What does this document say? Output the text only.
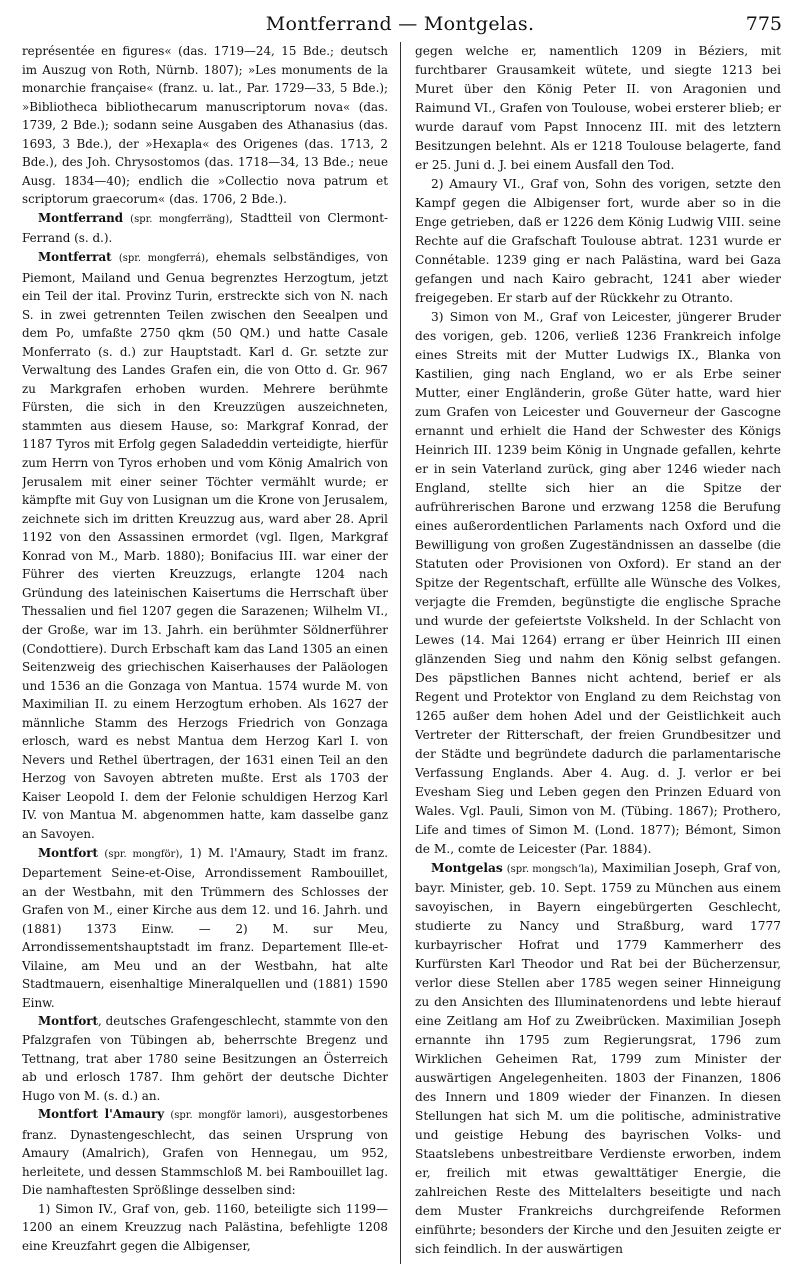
Montferrand — Montgelas.	775

représentée en figures« (das. 1719—24, 15 Bde.; deutsch im Auszug von Roth, Nürnb. 1807); »Les monuments de la monarchie française« (franz. u. lat., Par. 1729—33, 5 Bde.); »Bibliotheca bibliothecarum manuscriptorum nova« (das. 1739, 2 Bde.); sodann seine Ausgaben des Athanasius (das. 1693, 3 Bde.), der »Hexapla« des Origenes (das. 1713, 2 Bde.), des Joh. Chrysostomos (das. 1718—34, 13 Bde.; neue Ausg. 1834—40); endlich die »Collectio nova patrum et scriptorum graecorum« (das. 1706, 2 Bde.).

Montferrand (spr. mongferräng), Stadtteil von Clermont-Ferrand (s. d.).

Montferrat (spr. mongferrá), ehemals selbständiges, von Piemont, Mailand und Genua begrenztes Herzogtum, jetzt ein Teil der ital. Provinz Turin, erstreckte sich von N. nach S. in zwei getrennten Teilen zwischen den Seealpen und dem Po, umfaßte 2750 qkm (50 QM.) und hatte Casale Monferrato (s. d.) zur Hauptstadt. Karl d. Gr. setzte zur Verwaltung des Landes Grafen ein, die von Otto d. Gr. 967 zu Markgrafen erhoben wurden. Mehrere berühmte Fürsten, die sich in den Kreuzzügen auszeichneten, stammten aus diesem Hause, so: Markgraf Konrad, der 1187 Tyros mit Erfolg gegen Saladeddin verteidigte, hierfür zum Herrn von Tyros erhoben und vom König Amalrich von Jerusalem mit einer seiner Töchter vermählt wurde; er kämpfte mit Guy von Lusignan um die Krone von Jerusalem, zeichnete sich im dritten Kreuzzug aus, ward aber 28. April 1192 von den Assassinen ermordet (vgl. Ilgen, Markgraf Konrad von M., Marb. 1880); Bonifacius III. war einer der Führer des vierten Kreuzzugs, erlangte 1204 nach Gründung des lateinischen Kaisertums die Herrschaft über Thessalien und fiel 1207 gegen die Sarazenen; Wilhelm VI., der Große, war im 13. Jahrh. ein berühmter Söldnerführer (Condottiere). Durch Erbschaft kam das Land 1305 an einen Seitenzweig des griechischen Kaiserhauses der Paläologen und 1536 an die Gonzaga von Mantua. 1574 wurde M. von Maximilian II. zu einem Herzogtum erhoben. Als 1627 der männliche Stamm des Herzogs Friedrich von Gonzaga erlosch, ward es nebst Mantua dem Herzog Karl I. von Nevers und Rethel übertragen, der 1631 einen Teil an den Herzog von Savoyen abtreten mußte. Erst als 1703 der Kaiser Leopold I. dem der Felonie schuldigen Herzog Karl IV. von Mantua M. abgenommen hatte, kam dasselbe ganz an Savoyen.

Montfort (spr. mongför), 1) M. l'Amaury, Stadt im franz. Departement Seine-et-Oise, Arrondissement Rambouillet, an der Westbahn, mit den Trümmern des Schlosses der Grafen von M., einer Kirche aus dem 12. und 16. Jahrh. und (1881) 1373 Einw. — 2) M. sur Meu, Arrondissementshauptstadt im franz. Departement Ille-et-Vilaine, am Meu und an der Westbahn, hat alte Stadtmauern, eisenhaltige Mineralquellen und (1881) 1590 Einw.

Montfort, deutsches Grafengeschlecht, stammte von den Pfalzgrafen von Tübingen ab, beherrschte Bregenz und Tettnang, trat aber 1780 seine Besitzungen an Österreich ab und erlosch 1787. Ihm gehört der deutsche Dichter Hugo von M. (s. d.) an.

Montfort l'Amaury (spr. mongför lamori), ausgestorbenes franz. Dynastengeschlecht, das seinen Ursprung von Amaury (Amalrich), Grafen von Hennegau, um 952, herleitete, und dessen Stammschloß M. bei Rambouillet lag. Die namhaftesten Sprößlinge desselben sind:

1) Simon IV., Graf von, geb. 1160, beteiligte sich 1199—1200 an einem Kreuzzug nach Palästina, befehligte 1208 eine Kreuzfahrt gegen die Albigenser,

gegen welche er, namentlich 1209 in Béziers, mit furchtbarer Grausamkeit wütete, und siegte 1213 bei Muret über den König Peter II. von Aragonien und Raimund VI., Grafen von Toulouse, wobei ersterer blieb; er wurde darauf vom Papst Innocenz III. mit des letztern Besitzungen belehnt. Als er 1218 Toulouse belagerte, fand er 25. Juni d. J. bei einem Ausfall den Tod.

2) Amaury VI., Graf von, Sohn des vorigen, setzte den Kampf gegen die Albigenser fort, wurde aber so in die Enge getrieben, daß er 1226 dem König Ludwig VIII. seine Rechte auf die Grafschaft Toulouse abtrat. 1231 wurde er Connétable. 1239 ging er nach Palästina, ward bei Gaza gefangen und nach Kairo gebracht, 1241 aber wieder freigegeben. Er starb auf der Rückkehr zu Otranto.

3) Simon von M., Graf von Leicester, jüngerer Bruder des vorigen, geb. 1206, verließ 1236 Frankreich infolge eines Streits mit der Mutter Ludwigs IX., Blanka von Kastilien, ging nach England, wo er als Erbe seiner Mutter, einer Engländerin, große Güter hatte, ward hier zum Grafen von Leicester und Gouverneur der Gascogne ernannt und erhielt die Hand der Schwester des Königs Heinrich III. 1239 beim König in Ungnade gefallen, kehrte er in sein Vaterland zurück, ging aber 1246 wieder nach England, stellte sich hier an die Spitze der aufrührerischen Barone und erzwang 1258 die Berufung eines außerordentlichen Parlaments nach Oxford und die Bewilligung von großen Zugeständnissen an dasselbe (die Statuten oder Provisionen von Oxford). Er stand an der Spitze der Regentschaft, erfüllte alle Wünsche des Volkes, verjagte die Fremden, begünstigte die englische Sprache und wurde der gefeiertste Volksheld. In der Schlacht von Lewes (14. Mai 1264) errang er über Heinrich III einen glänzenden Sieg und nahm den König selbst gefangen. Des päpstlichen Bannes nicht achtend, berief er als Regent und Protektor von England zu dem Reichstag von 1265 außer dem hohen Adel und der Geistlichkeit auch Vertreter der Ritterschaft, der freien Grundbesitzer und der Städte und begründete dadurch die parlamentarische Verfassung Englands. Aber 4. Aug. d. J. verlor er bei Evesham Sieg und Leben gegen den Prinzen Eduard von Wales. Vgl. Pauli, Simon von M. (Tübing. 1867); Prothero, Life and times of Simon M. (Lond. 1877); Bémont, Simon de M., comte de Leicester (Par. 1884).

Montgelas (spr. mongschʼla), Maximilian Joseph, Graf von, bayr. Minister, geb. 10. Sept. 1759 zu München aus einem savoyischen, in Bayern eingebürgerten Geschlecht, studierte zu Nancy und Straßburg, ward 1777 kurbayrischer Hofrat und 1779 Kammerherr des Kurfürsten Karl Theodor und Rat bei der Bücherzensur, verlor diese Stellen aber 1785 wegen seiner Hinneigung zu den Ansichten des Illuminatenordens und lebte hierauf eine Zeitlang am Hof zu Zweibrücken. Maximilian Joseph ernannte ihn 1795 zum Regierungsrat, 1796 zum Wirklichen Geheimen Rat, 1799 zum Minister der auswärtigen Angelegenheiten. 1803 der Finanzen, 1806 des Innern und 1809 wieder der Finanzen. In diesen Stellungen hat sich M. um die politische, administrative und geistige Hebung des bayrischen Volks- und Staatslebens unbestreitbare Verdienste erworben, indem er, freilich mit etwas gewalttätiger Energie, die zahlreichen Reste des Mittelalters beseitigte und nach dem Muster Frankreichs durchgreifende Reformen einführte; besonders der Kirche und den Jesuiten zeigte er sich feindlich. In der auswärtigen
